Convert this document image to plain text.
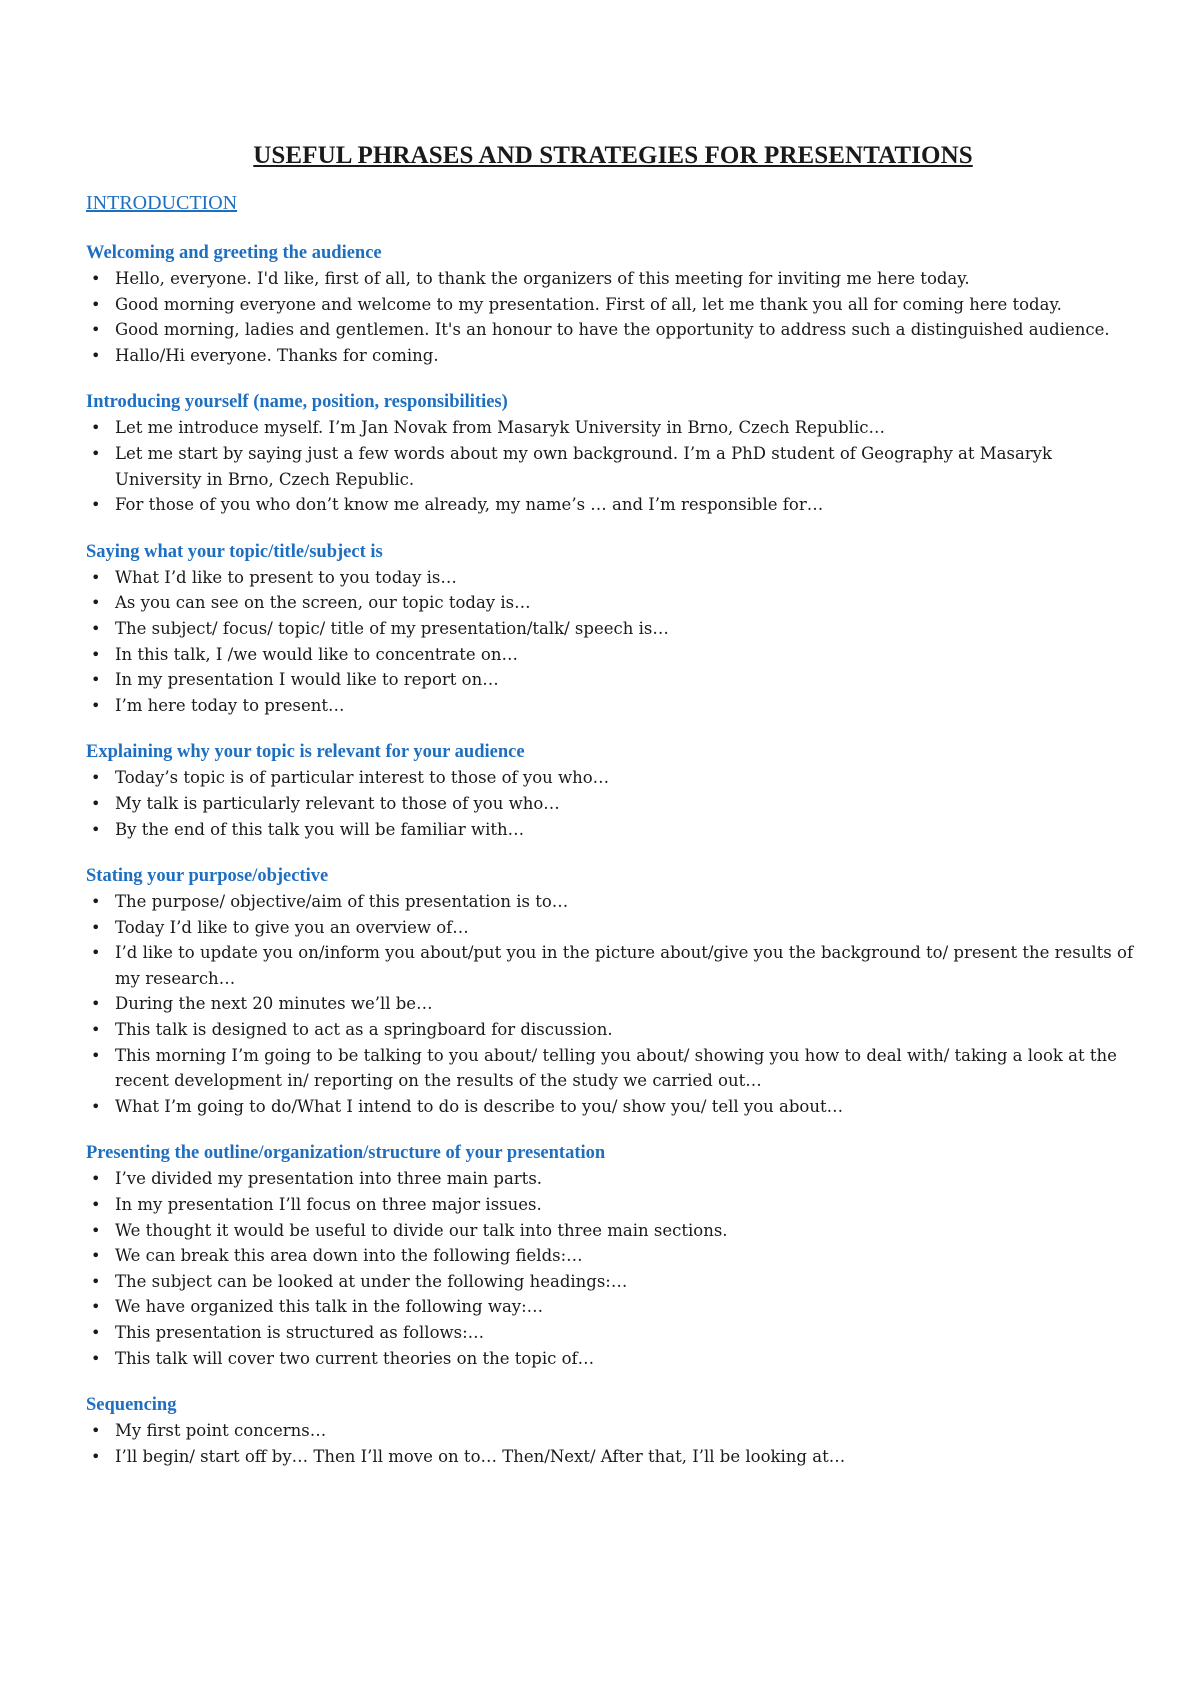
USEFUL PHRASES AND STRATEGIES FOR PRESENTATIONS
INTRODUCTION
Welcoming and greeting the audience
• Hello, everyone. I'd like, first of all, to thank the organizers of this meeting for inviting me here today.
• Good morning everyone and welcome to my presentation. First of all, let me thank you all for coming here today.
• Good morning, ladies and gentlemen. It's an honour to have the opportunity to address such a distinguished audience.
• Hallo/Hi everyone. Thanks for coming.
Introducing yourself (name, position, responsibilities)
• Let me introduce myself. I’m Jan Novak from Masaryk University in Brno, Czech Republic…
• Let me start by saying just a few words about my own background. I’m a PhD student of Geography at Masaryk University in Brno, Czech Republic.
• For those of you who don’t know me already, my name’s … and I’m responsible for…
Saying what your topic/title/subject is
• What I’d like to present to you today is…
• As you can see on the screen, our topic today is…
• The subject/ focus/ topic/ title of my presentation/talk/ speech is…
• In this talk, I /we would like to concentrate on…
• In my presentation I would like to report on…
• I’m here today to present…
Explaining why your topic is relevant for your audience
• Today’s topic is of particular interest to those of you who…
• My talk is particularly relevant to those of you who…
• By the end of this talk you will be familiar with…
Stating your purpose/objective
• The purpose/ objective/aim of this presentation is to…
• Today I’d like to give you an overview of…
• I’d like to update you on/inform you about/put you in the picture about/give you the background to/ present the results of my research…
• During the next 20 minutes we’ll be…
• This talk is designed to act as a springboard for discussion.
• This morning I’m going to be talking to you about/ telling you about/ showing you how to deal with/ taking a look at the recent development in/ reporting on the results of the study we carried out…
• What I’m going to do/What I intend to do is describe to you/ show you/ tell you about…
Presenting the outline/organization/structure of your presentation
• I’ve divided my presentation into three main parts.
• In my presentation I’ll focus on three major issues.
• We thought it would be useful to divide our talk into three main sections.
• We can break this area down into the following fields:…
• The subject can be looked at under the following headings:…
• We have organized this talk in the following way:…
• This presentation is structured as follows:…
• This talk will cover two current theories on the topic of…
Sequencing
• My first point concerns…
• I’ll begin/ start off by… Then I’ll move on to… Then/Next/ After that, I’ll be looking at…
